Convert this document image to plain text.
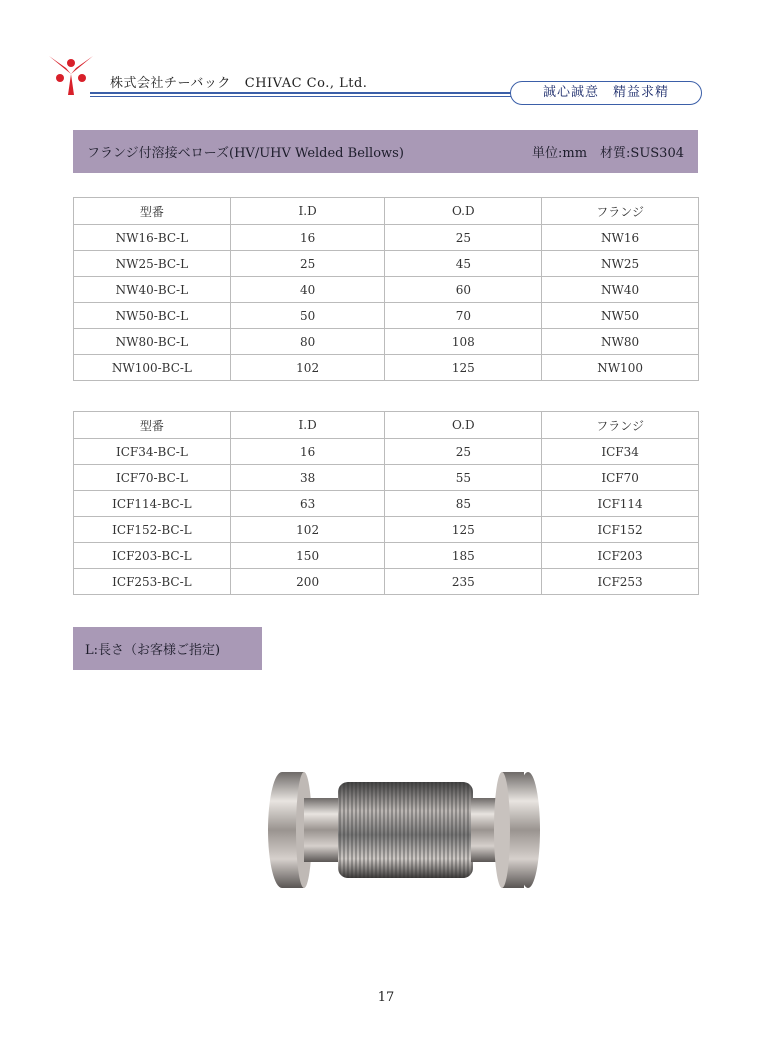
株式会社チーバック CHIVAC Co., Ltd.
誠心誠意　精益求精
フランジ付溶接ベローズ(HV/UHV Welded Bellows)	単位:mm　材質:SUS304
型番	I.D	O.D	フランジ
NW16-BC-L	16	25	NW16
NW25-BC-L	25	45	NW25
NW40-BC-L	40	60	NW40
NW50-BC-L	50	70	NW50
NW80-BC-L	80	108	NW80
NW100-BC-L	102	125	NW100
型番	I.D	O.D	フランジ
ICF34-BC-L	16	25	ICF34
ICF70-BC-L	38	55	ICF70
ICF114-BC-L	63	85	ICF114
ICF152-BC-L	102	125	ICF152
ICF203-BC-L	150	185	ICF203
ICF253-BC-L	200	235	ICF253
L:長さ（お客様ご指定)
17
